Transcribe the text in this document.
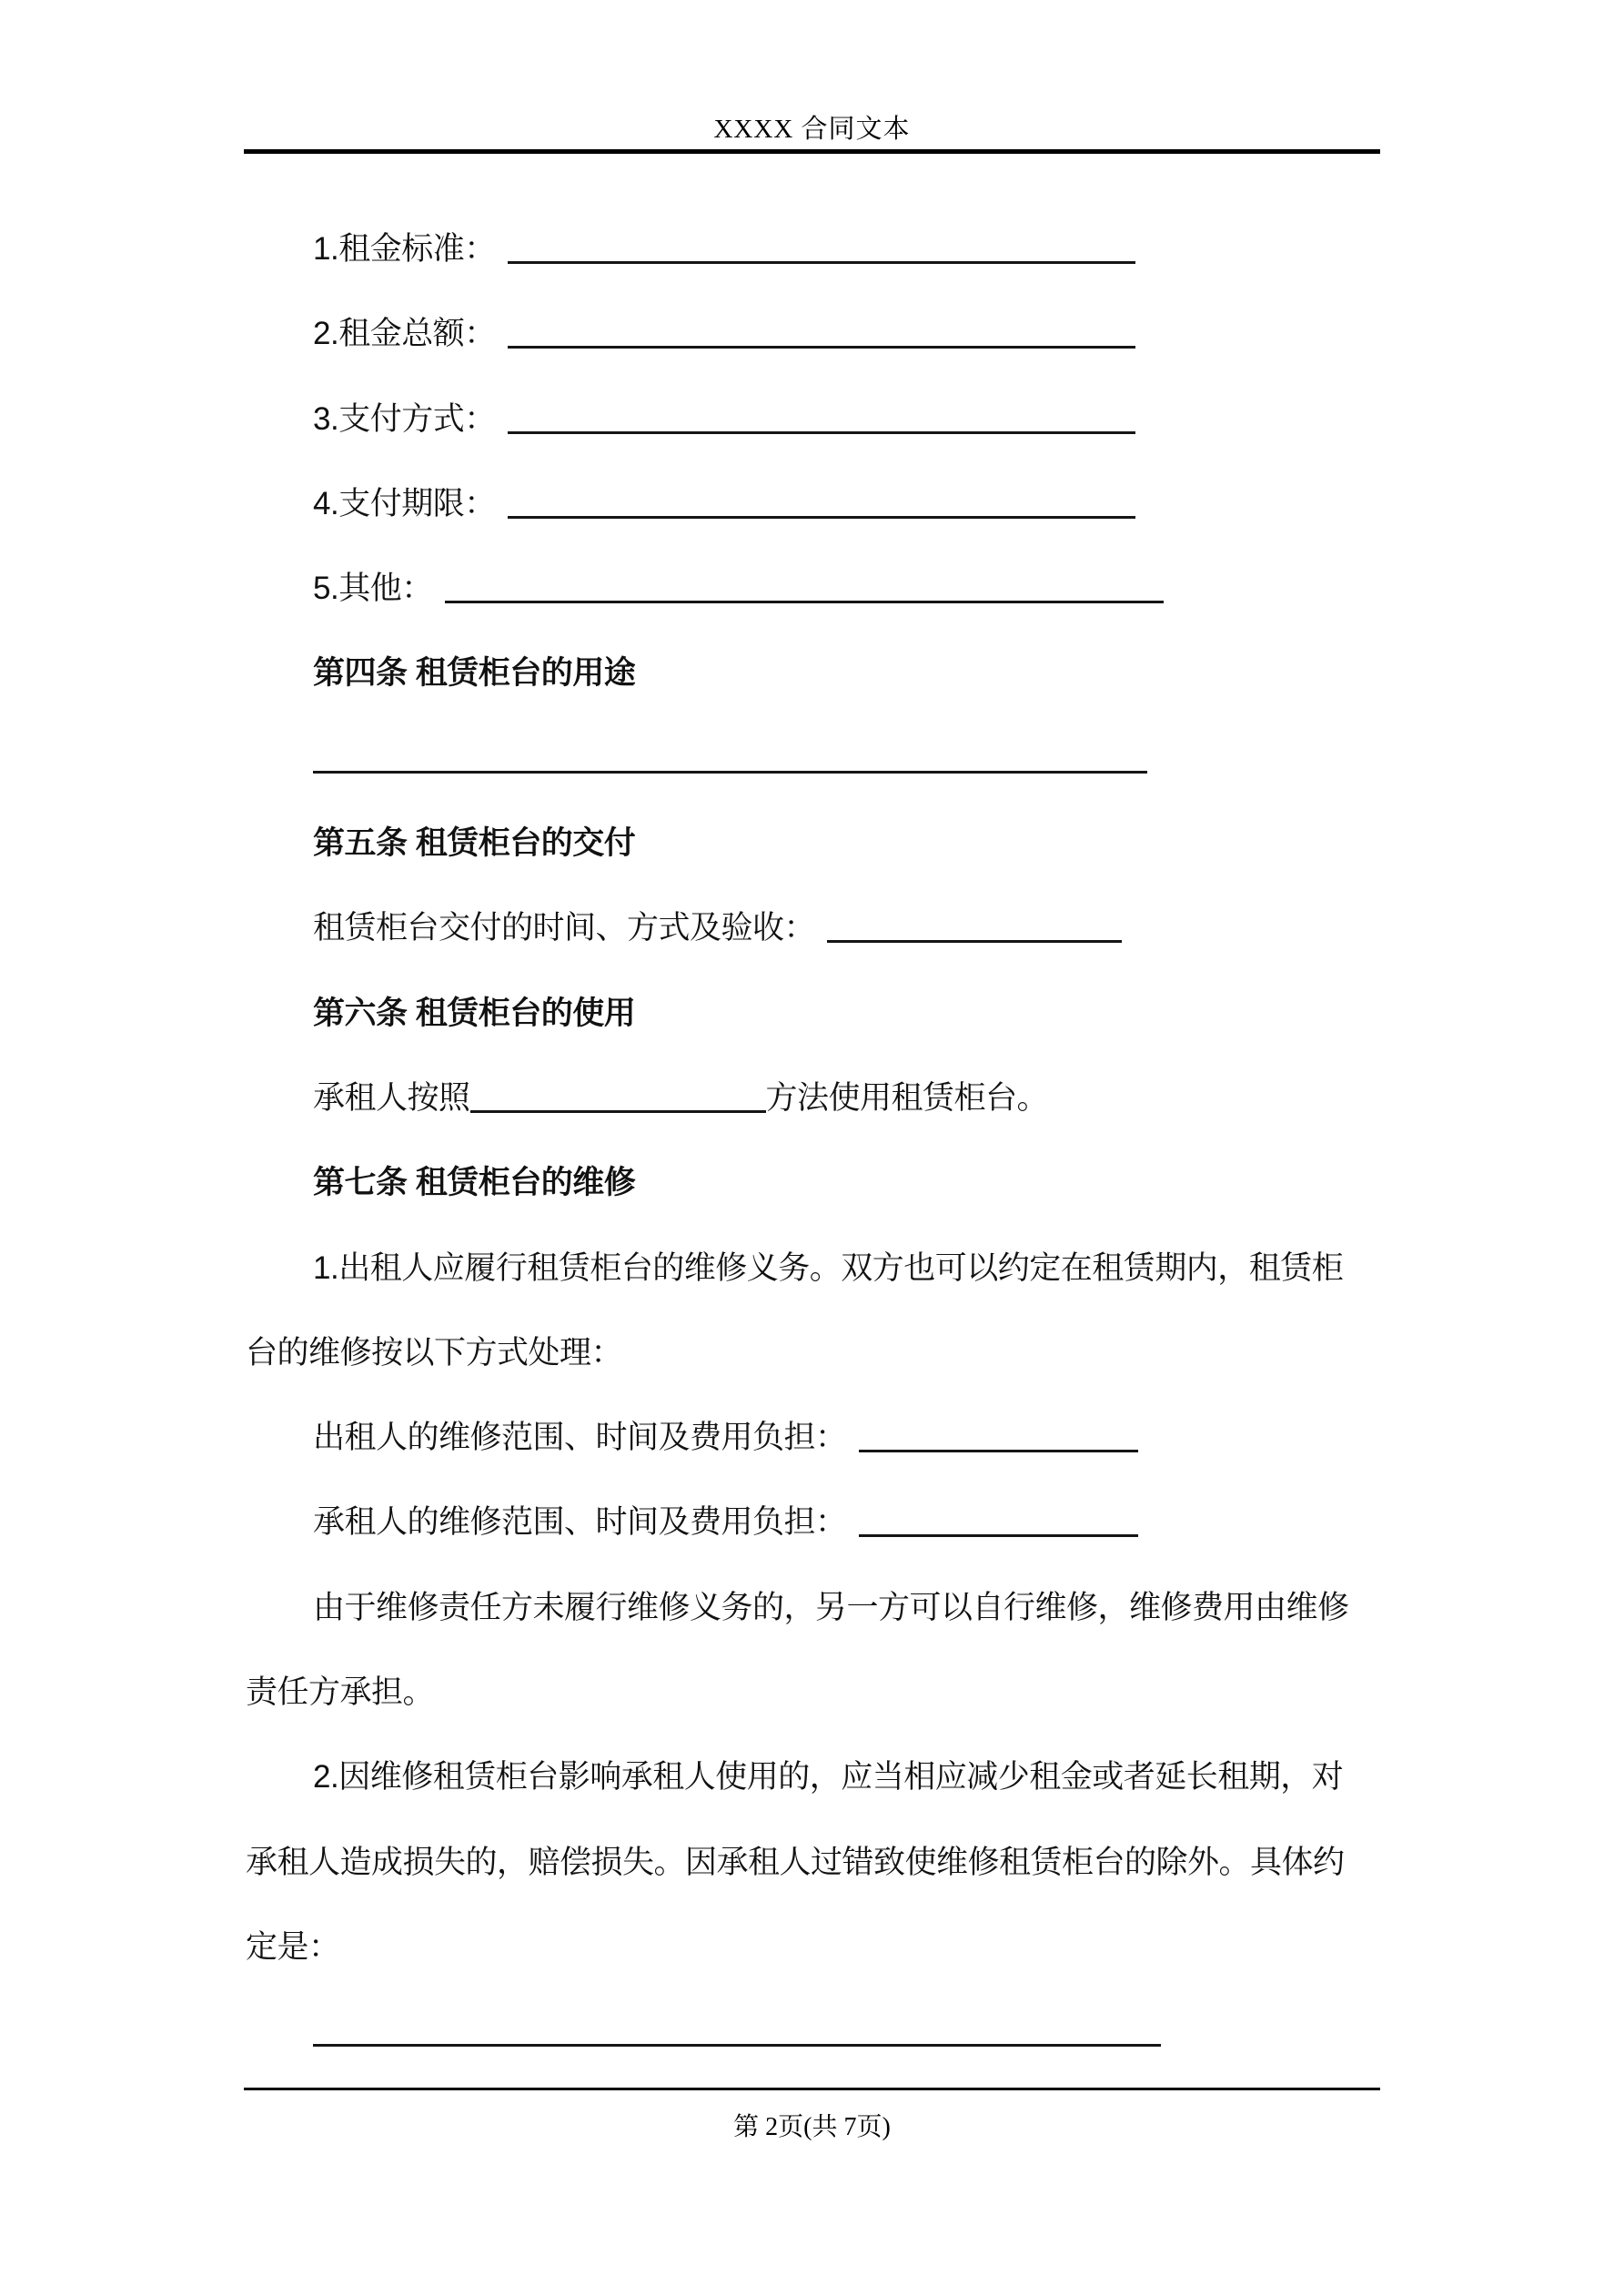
XXXX 合同文本
1.租金标准：
2.租金总额：
3.支付方式：
4.支付期限：
5.其他：
第四条 租赁柜台的用途
第五条 租赁柜台的交付
租赁柜台交付的时间、方式及验收：
第六条 租赁柜台的使用
承租人按照	方法使用租赁柜台。
第七条 租赁柜台的维修
1.出租人应履行租赁柜台的维修义务。双方也可以约定在租赁期内，租赁柜
台的维修按以下方式处理：
出租人的维修范围、时间及费用负担：
承租人的维修范围、时间及费用负担：
由于维修责任方未履行维修义务的，另一方可以自行维修，维修费用由维修
责任方承担。
2.因维修租赁柜台影响承租人使用的，应当相应减少租金或者延长租期，对
承租人造成损失的，赔偿损失。因承租人过错致使维修租赁柜台的除外。具体约
定是：
第 2页(共 7页)
